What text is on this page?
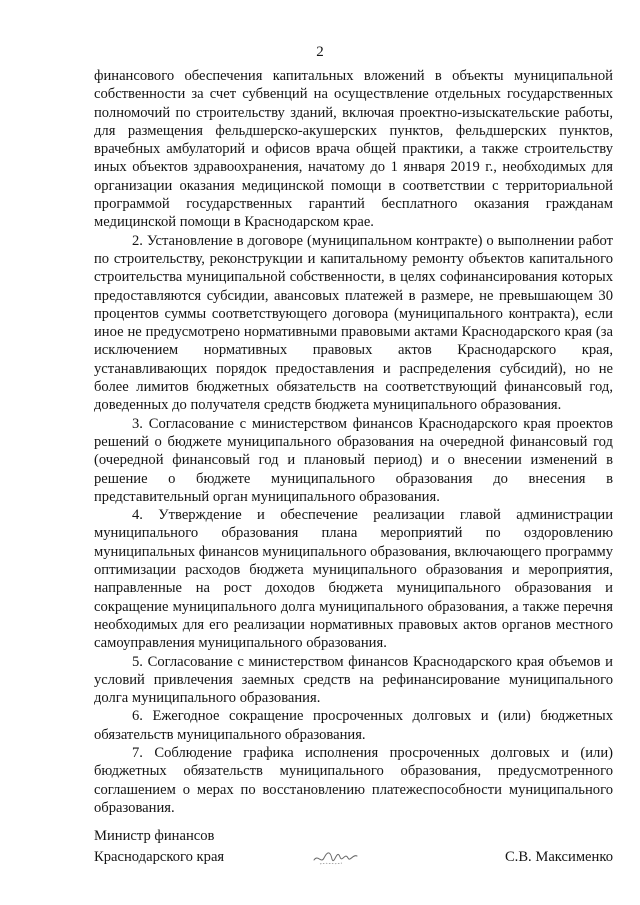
2

финансового обеспечения капитальных вложений в объекты муниципальной собственности за счет субвенций на осуществление отдельных государственных полномочий по строительству зданий, включая проектно-изыскательские работы, для размещения фельдшерско-акушерских пунктов, фельдшерских пунктов, врачебных амбулаторий и офисов врача общей практики, а также строительству иных объектов здравоохранения, начатому до 1 января 2019 г., необходимых для организации оказания медицинской помощи в соответствии с территориальной программой государственных гарантий бесплатного оказания гражданам медицинской помощи в Краснодарском крае.

2. Установление в договоре (муниципальном контракте) о выполнении работ по строительству, реконструкции и капитальному ремонту объектов капитального строительства муниципальной собственности, в целях софинансирования которых предоставляются субсидии, авансовых платежей в размере, не превышающем 30 процентов суммы соответствующего договора (муниципального контракта), если иное не предусмотрено нормативными правовыми актами Краснодарского края (за исключением нормативных правовых актов Краснодарского края, устанавливающих порядок предоставления и распределения субсидий), но не более лимитов бюджетных обязательств на соответствующий финансовый год, доведенных до получателя средств бюджета муниципального образования.

3. Согласование с министерством финансов Краснодарского края проектов решений о бюджете муниципального образования на очередной финансовый год (очередной финансовый год и плановый период) и о внесении изменений в решение о бюджете муниципального образования до внесения в представительный орган муниципального образования.

4. Утверждение и обеспечение реализации главой администрации муниципального образования плана мероприятий по оздоровлению муниципальных финансов муниципального образования, включающего программу оптимизации расходов бюджета муниципального образования и мероприятия, направленные на рост доходов бюджета муниципального образования и сокращение муниципального долга муниципального образования, а также перечня необходимых для его реализации нормативных правовых актов органов местного самоуправления муниципального образования.

5. Согласование с министерством финансов Краснодарского края объемов и условий привлечения заемных средств на рефинансирование муниципального долга муниципального образования.

6. Ежегодное сокращение просроченных долговых и (или) бюджетных обязательств муниципального образования.

7. Соблюдение графика исполнения просроченных долговых и (или) бюджетных обязательств муниципального образования, предусмотренного соглашением о мерах по восстановлению платежеспособности муниципального образования.

Министр финансов
Краснодарского края	С.В. Максименко
